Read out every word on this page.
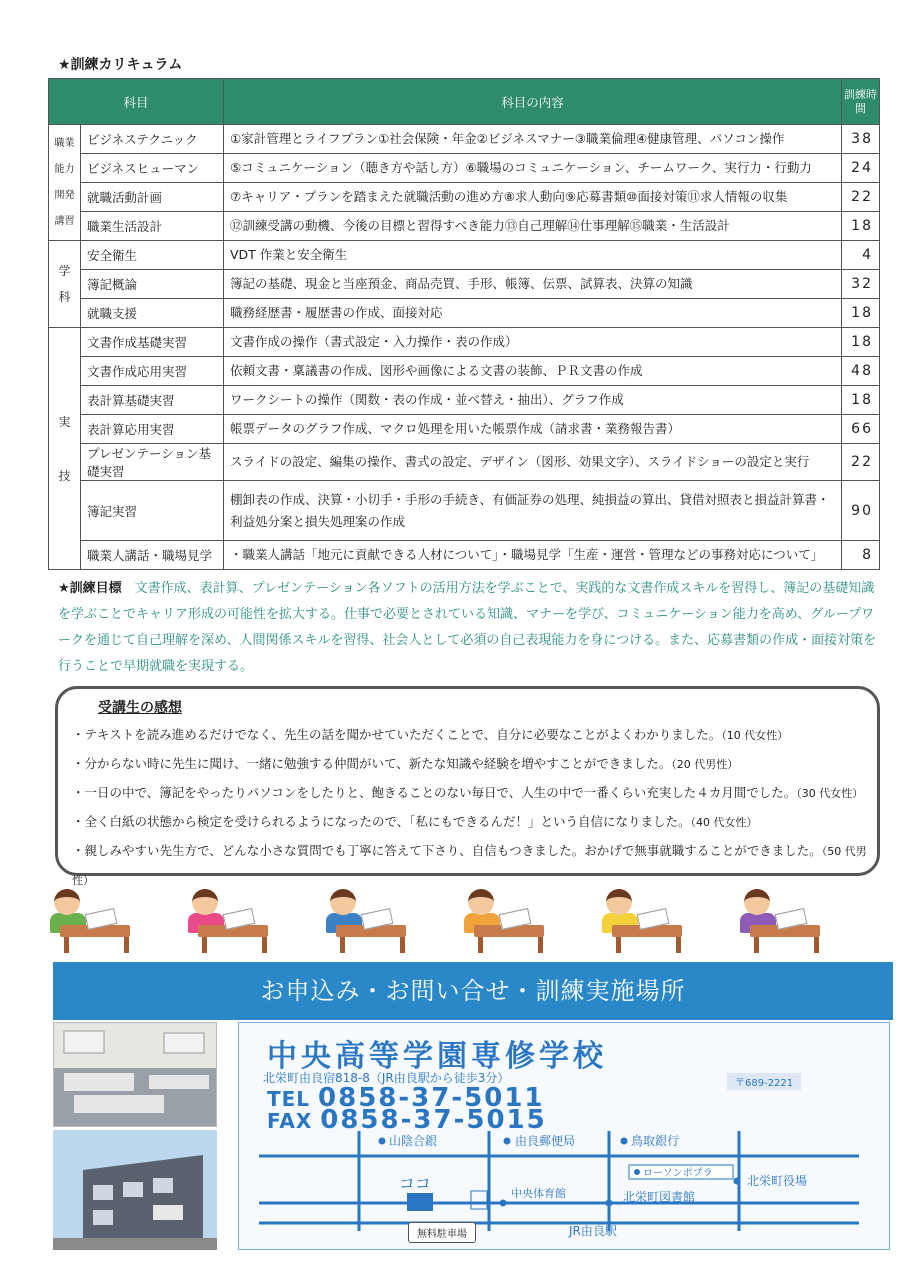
★訓練カリキュラム
科目		科目の内容	訓練時間

職業
能力
開発
講習	ビジネステクニック	①家計管理とライフプラン①社会保険・年金②ビジネスマナー③職業倫理④健康管理、パソコン操作	38
	ビジネスヒューマン	⑤コミュニケーション（聴き方や話し方）⑥職場のコミュニケーション、チームワーク、実行力・行動力	24
	就職活動計画	⑦キャリア・プランを踏まえた就職活動の進め方⑧求人動向⑨応募書類⑩面接対策⑪求人情報の収集	22
	職業生活設計	⑫訓練受講の動機、今後の目標と習得すべき能力⑬自己理解⑭仕事理解⑮職業・生活設計	18

学
科	安全衛生	VDT 作業と安全衛生	4
	簿記概論	簿記の基礎、現金と当座預金、商品売買、手形、帳簿、伝票、試算表、決算の知識	32
	就職支援	職務経歴書・履歴書の作成、面接対応	18

実
技	文書作成基礎実習	文書作成の操作（書式設定・入力操作・表の作成）	18
	文書作成応用実習	依頼文書・稟議書の作成、図形や画像による文書の装飾、ＰＲ文書の作成	48
	表計算基礎実習	ワークシートの操作（関数・表の作成・並べ替え・抽出）、グラフ作成	18
	表計算応用実習	帳票データのグラフ作成、マクロ処理を用いた帳票作成（請求書・業務報告書）	66
	プレゼンテーション基礎実習	スライドの設定、編集の操作、書式の設定、デザイン（図形、効果文字）、スライドショーの設定と実行	22
	簿記実習	棚卸表の作成、決算・小切手・手形の手続き、有価証券の処理、純損益の算出、貸借対照表と損益計算書・利益処分案と損失処理案の作成	90
	職業人講話・職場見学	・職業人講話「地元に貢献できる人材について」・職場見学「生産・運営・管理などの事務対応について」	8
★訓練目標　 文書作成、表計算、プレゼンテーション各ソフトの活用方法を学ぶことで、実践的な文書作成スキルを習得し、簿記の基礎知識を学ぶことでキャリア形成の可能性を拡大する。仕事で必要とされている知識、マナーを学び、コミュニケーション能力を高め、グループワークを通じて自己理解を深め、人間関係スキルを習得、社会人として必須の自己表現能力を身につける。また、応募書類の作成・面接対策を行うことで早期就職を実現する。
受講生の感想
・テキストを読み進めるだけでなく、先生の話を聞かせていただくことで、自分に必要なことがよくわかりました。（10 代女性）
・分からない時に先生に聞け、一緒に勉強する仲間がいて、新たな知識や経験を増やすことができました。（20 代男性）
・一日の中で、簿記をやったりパソコンをしたりと、飽きることのない毎日で、人生の中で一番くらい充実した４カ月間でした。（30 代女性）
・全く白紙の状態から検定を受けられるようになったので、「私にもできるんだ！」という自信になりました。（40 代女性）
・親しみやすい先生方で、どんな小さな質問でも丁寧に答えて下さり、自信もつきました。おかげで無事就職することができました。（50 代男性）
お申込み・お問い合せ・訓練実施場所
中央高等学園専修学校
北栄町由良宿818-8（JR由良駅から徒歩3分）	〒689-2221
TEL 0858-37-5011
FAX 0858-37-5015
山陰合銀	由良郵便局	鳥取銀行
ローソンポプラ
北栄町役場
ココ
中央体育館	北栄町図書館
JR由良駅
無料駐車場
